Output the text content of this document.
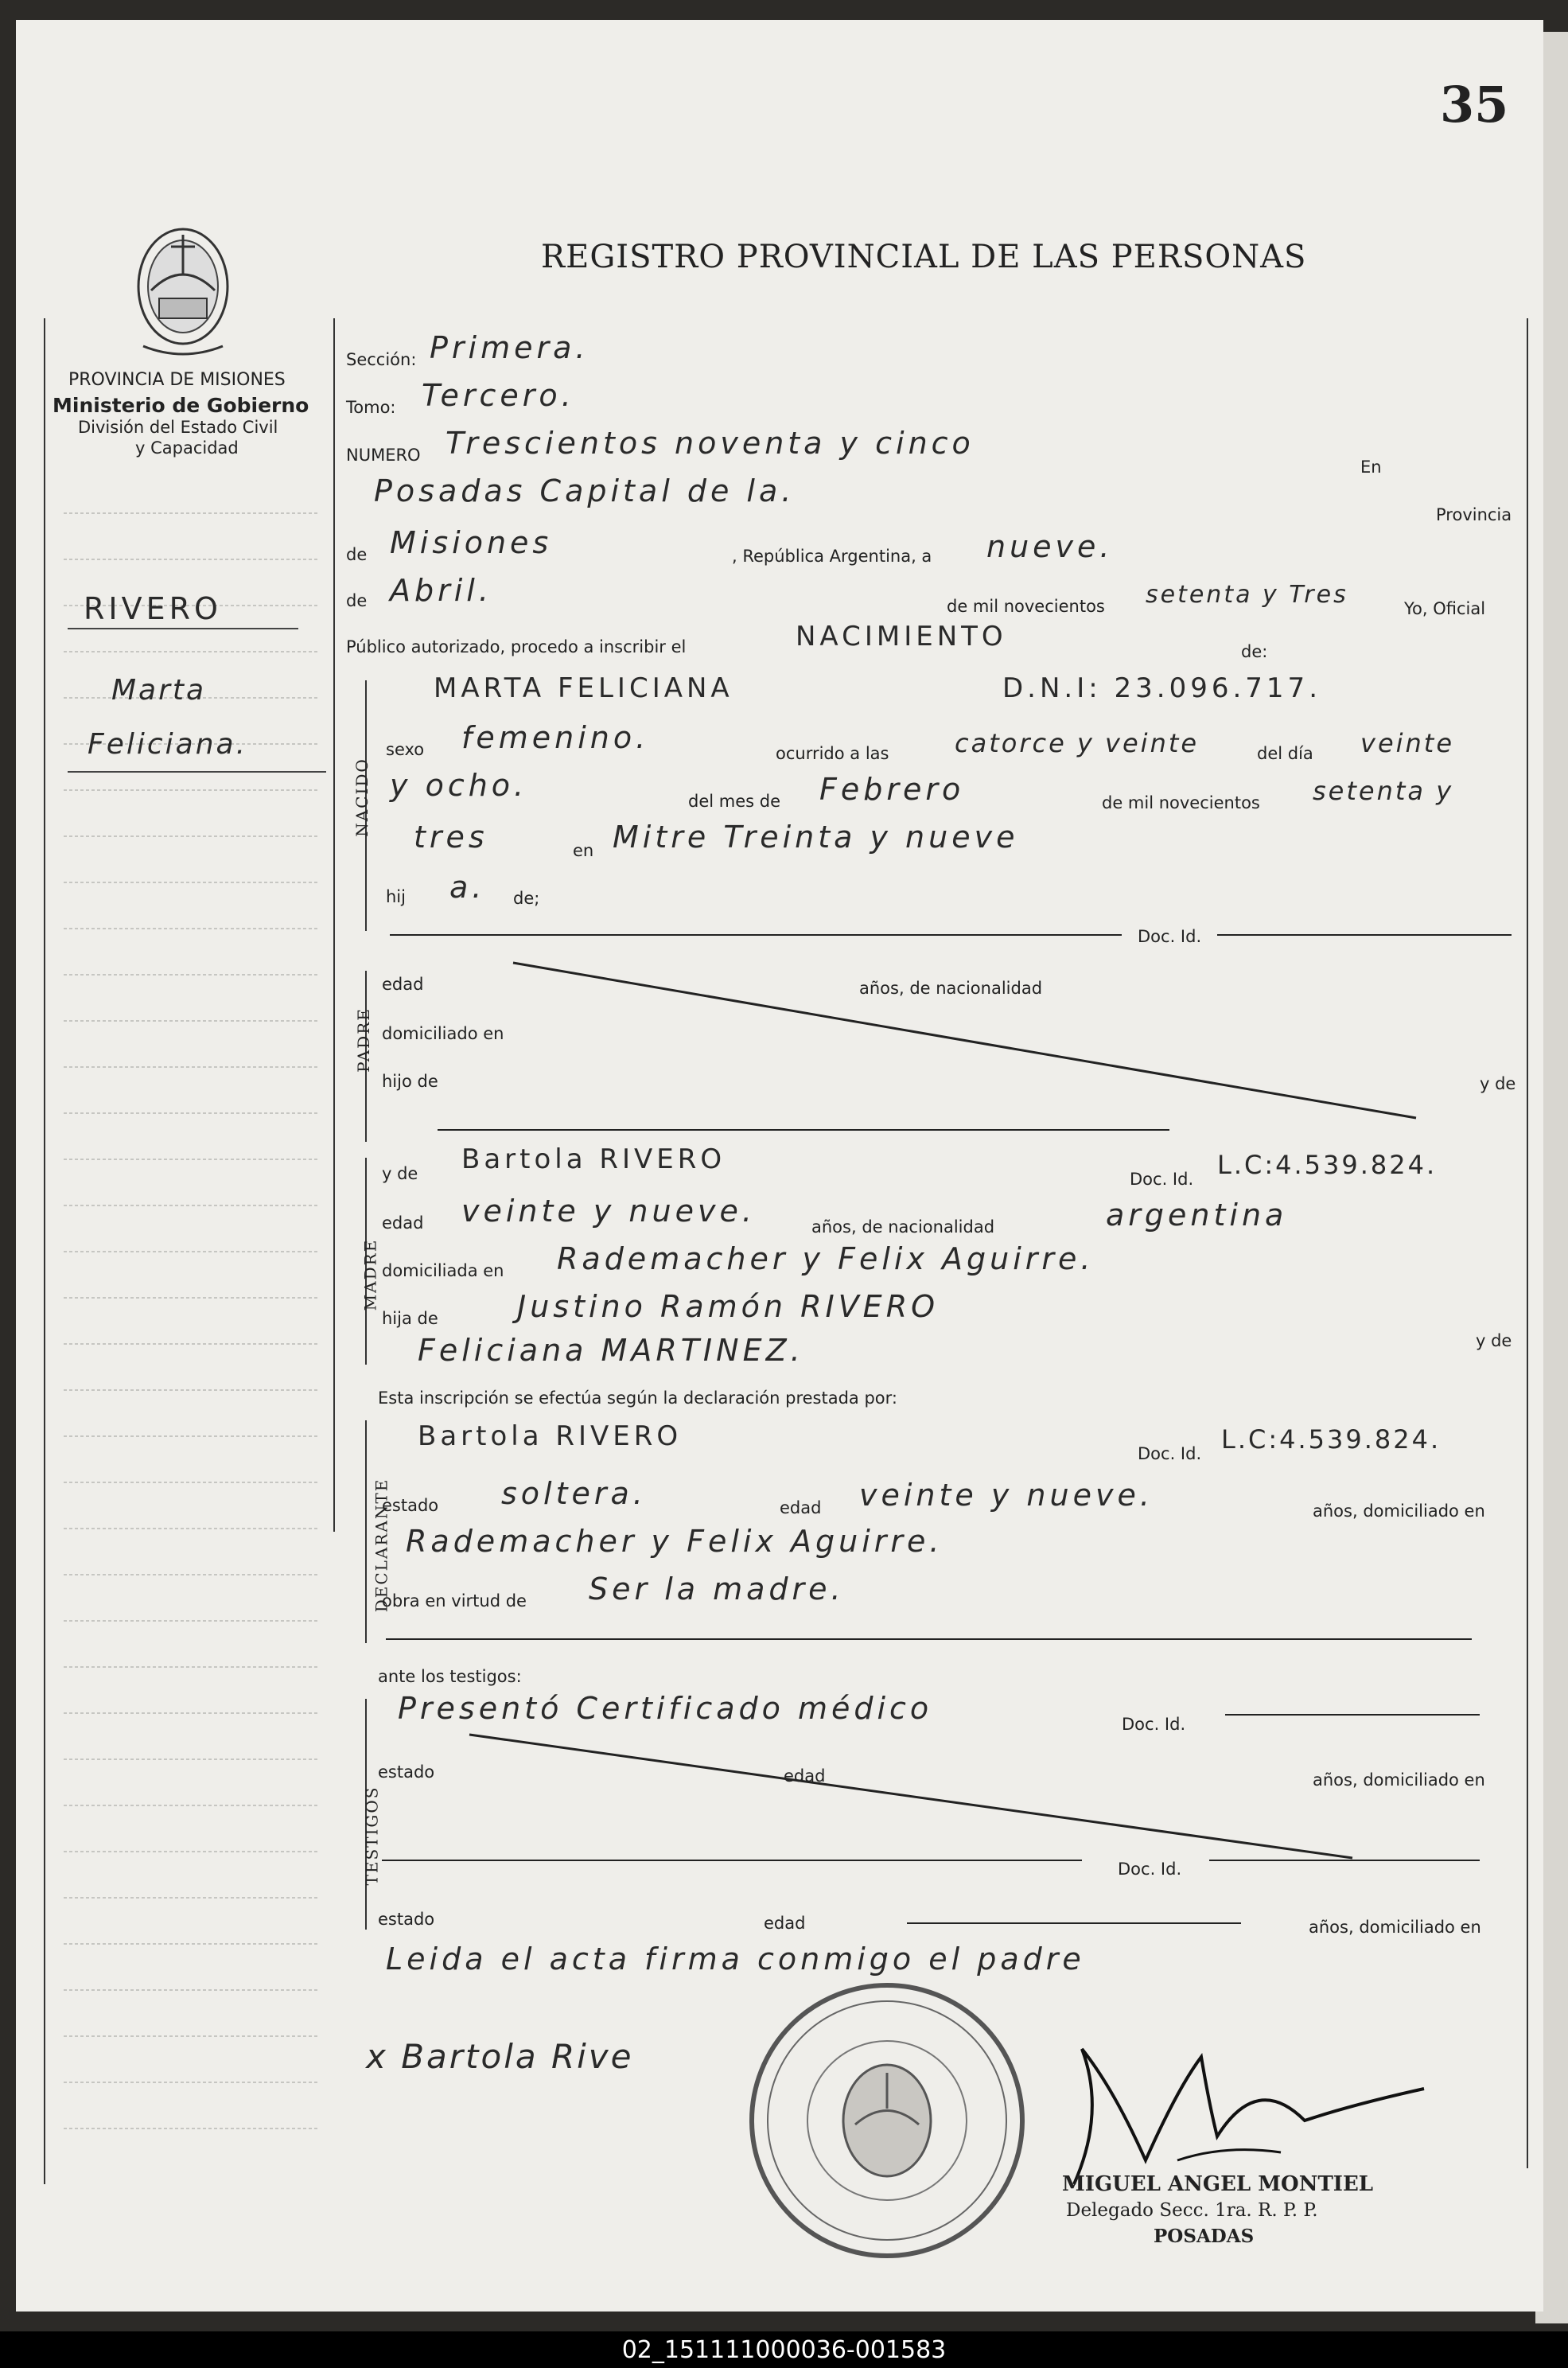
35
REGISTRO PROVINCIAL DE LAS PERSONAS
PROVINCIA DE MISIONES
Ministerio de Gobierno
División del Estado Civil
y Capacidad
RIVERO
Marta
Feliciana.
Sección: Primera.
Tomo: Tercero.
NUMERO Trescientos noventa y cinco
En
Posadas Capital de la.
Provincia
de Misiones	, República Argentina, a nueve.
de Abril.	de mil novecientos setenta y Tres	Yo, Oficial
Público autorizado, procedo a inscribir el	NACIMIENTO	de:
NACIDO
MARTA FELICIANA	D.N.I: 23.096.717.
sexo femenino.	ocurrido a las	catorce y veinte	del día veinte
y ocho.	del mes de Febrero	de mil novecientos setenta y
tres	en Mitre Treinta y nueve
hij a. de;
Doc. Id.
PADRE
edad	años, de nacionalidad
domiciliado en
hijo de	y de
MADRE
y de Bartola RIVERO
Doc. Id. L.C:4.539.824.
edad veinte y nueve.	años, de nacionalidad	argentina
domiciliada en Rademacher y Felix Aguirre.
hija de	Justino Ramón RIVERO
Feliciana MARTINEZ.	y de
Esta inscripción se efectúa según la declaración prestada por:
DECLARANTE
Bartola RIVERO
Doc. Id. L.C:4.539.824.
estado soltera.	edad veinte y nueve.	años, domiciliado en
Rademacher y Felix Aguirre.
obra en virtud de Ser la madre.
ante los testigos:
TESTIGOS
Presentó Certificado médico	Doc. Id.
estado	edad	años, domiciliado en
Doc. Id.
estado	edad	años, domiciliado en
Leida el acta firma conmigo el padre
x Bartola Rive
MIGUEL ANGEL MONTIEL
Delegado Secc. 1ra. R. P. P.
POSADAS
02_151111000036-001583
